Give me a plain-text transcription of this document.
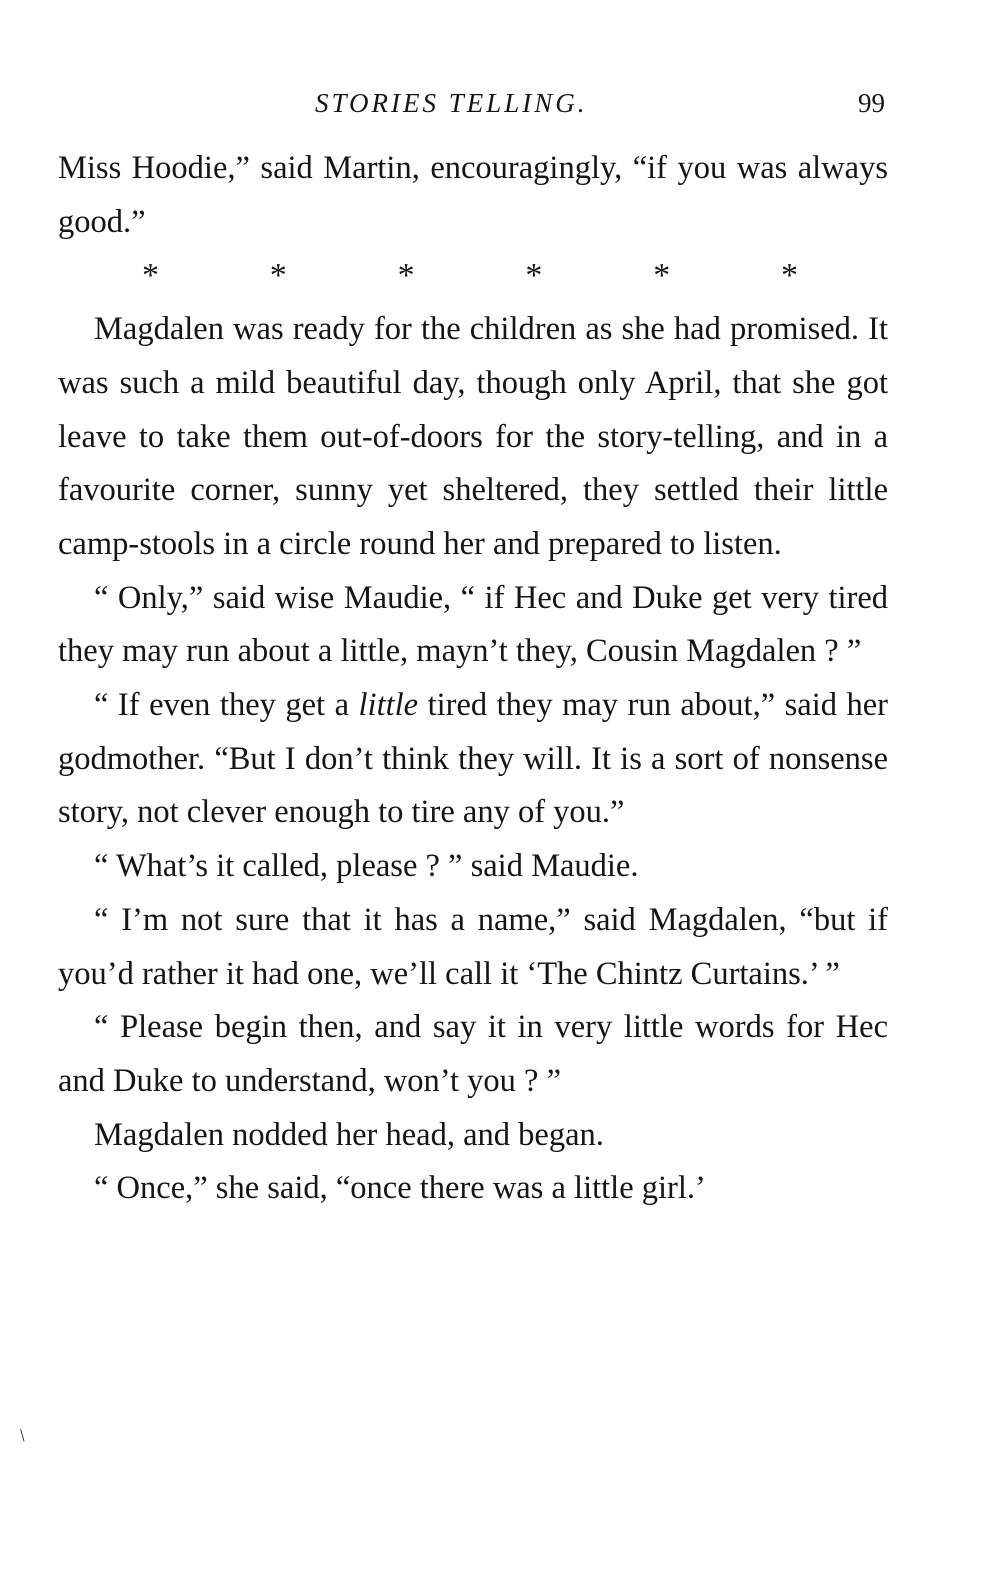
STORIES TELLING.	99

Miss Hoodie,” said Martin, encouragingly, “if you was always good.”

*	*	*	*	*	*

Magdalen was ready for the children as she had promised. It was such a mild beautiful day, though only April, that she got leave to take them out-of-doors for the story-telling, and in a favourite corner, sunny yet sheltered, they settled their little camp-stools in a circle round her and prepared to listen.

“ Only,” said wise Maudie, “ if Hec and Duke get very tired they may run about a little, mayn’t they, Cousin Magdalen ? ”

“ If even they get a little tired they may run about,” said her godmother. “But I don’t think they will. It is a sort of nonsense story, not clever enough to tire any of you.”

“ What’s it called, please ? ” said Maudie.

“ I’m not sure that it has a name,” said Magdalen, “but if you’d rather it had one, we’ll call it ‘The Chintz Curtains.’ ”

“ Please begin then, and say it in very little words for Hec and Duke to understand, won’t you ? ”

Magdalen nodded her head, and began.

“ Once,” she said, “once there was a little girl.’

/
